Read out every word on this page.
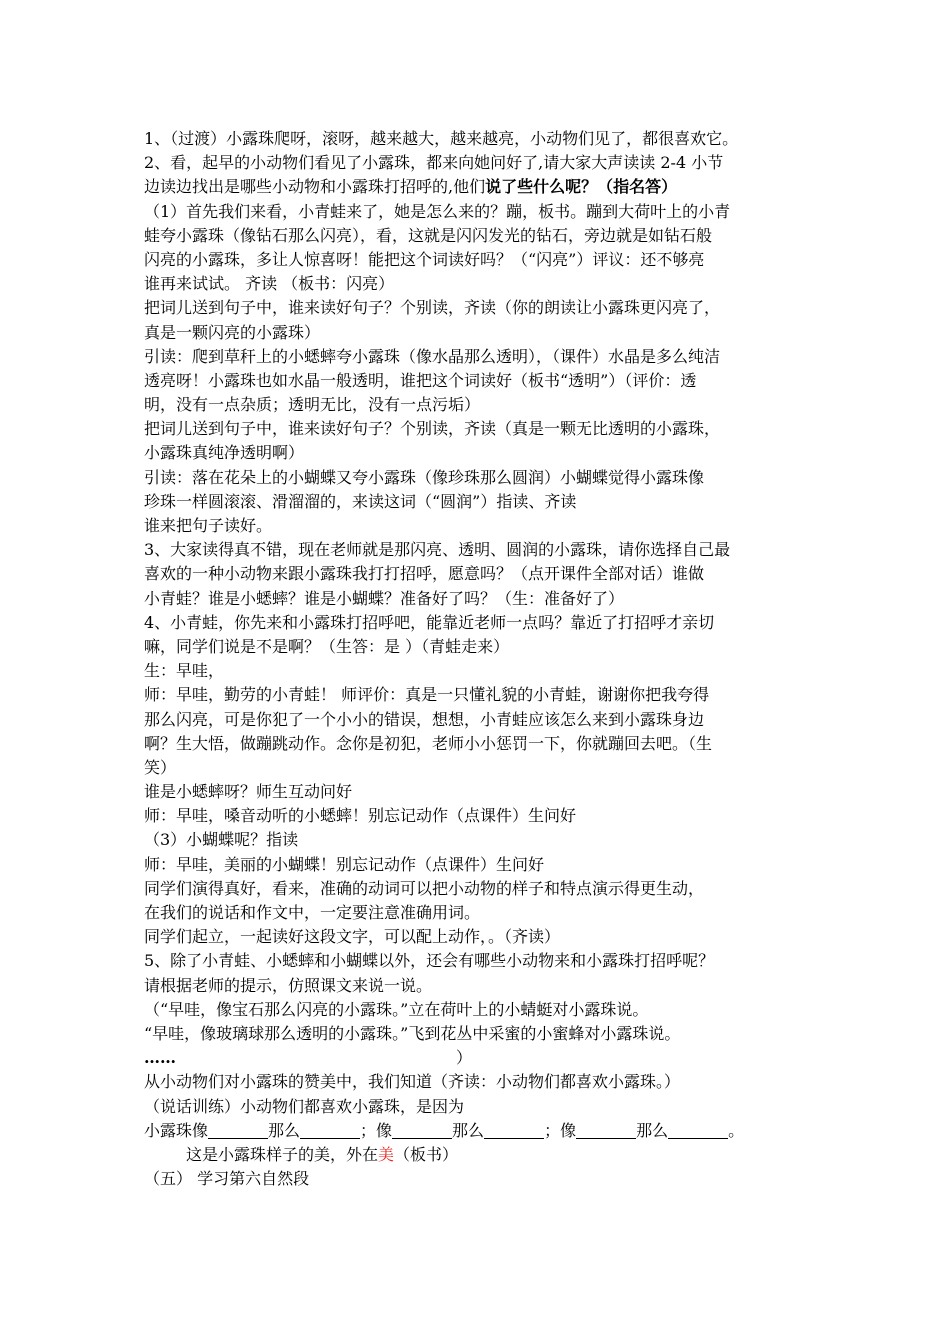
1、（过渡）小露珠爬呀，滚呀，越来越大，越来越亮，小动物们见了，都很喜欢它。
2、看，起早的小动物们看见了小露珠，都来向她问好了,请大家大声读读 2-4 小节
边读边找出是哪些小动物和小露珠打招呼的,他们说了些什么呢？（指名答）
（1）首先我们来看，小青蛙来了，她是怎么来的？蹦，板书。蹦到大荷叶上的小青
蛙夸小露珠（像钻石那么闪亮），看，这就是闪闪发光的钻石，旁边就是如钻石般
闪亮的小露珠，多让人惊喜呀！能把这个词读好吗？（“闪亮”）评议：还不够亮
谁再来试试。 齐读 （板书：闪亮）
把词儿送到句子中，谁来读好句子？个别读，齐读（你的朗读让小露珠更闪亮了，
真是一颗闪亮的小露珠）
引读：爬到草秆上的小蟋蟀夸小露珠（像水晶那么透明），（课件）水晶是多么纯洁
透亮呀！小露珠也如水晶一般透明，谁把这个词读好（板书“透明”）（评价：透
明，没有一点杂质；透明无比，没有一点污垢）
把词儿送到句子中，谁来读好句子？个别读，齐读（真是一颗无比透明的小露珠，
小露珠真纯净透明啊）
引读：落在花朵上的小蝴蝶又夸小露珠（像珍珠那么圆润）小蝴蝶觉得小露珠像
珍珠一样圆滚滚、滑溜溜的，来读这词（“圆润”）指读、齐读
谁来把句子读好。
3、大家读得真不错，现在老师就是那闪亮、透明、圆润的小露珠，请你选择自己最
喜欢的一种小动物来跟小露珠我打打招呼，愿意吗？（点开课件全部对话）谁做
小青蛙？谁是小蟋蟀？谁是小蝴蝶？准备好了吗？（生：准备好了）
4、小青蛙，你先来和小露珠打招呼吧，能靠近老师一点吗？靠近了打招呼才亲切
嘛，同学们说是不是啊？（生答：是 ）（青蛙走来）
生：早哇，
师：早哇，勤劳的小青蛙！ 师评价：真是一只懂礼貌的小青蛙，谢谢你把我夸得
那么闪亮，可是你犯了一个小小的错误，想想，小青蛙应该怎么来到小露珠身边
啊？生大悟，做蹦跳动作。念你是初犯，老师小小惩罚一下，你就蹦回去吧。（生
笑）
谁是小蟋蟀呀？师生互动问好
师：早哇，嗓音动听的小蟋蟀！别忘记动作（点课件）生问好
（3）小蝴蝶呢？指读
师：早哇，美丽的小蝴蝶！别忘记动作（点课件）生问好
同学们演得真好，看来，准确的动词可以把小动物的样子和特点演示得更生动，
在我们的说话和作文中，一定要注意准确用词。
同学们起立，一起读好这段文字，可以配上动作，。（齐读）
5、除了小青蛙、小蟋蟀和小蝴蝶以外，还会有哪些小动物来和小露珠打招呼呢？
请根据老师的提示，仿照课文来说一说。
（“早哇，像宝石那么闪亮的小露珠。”立在荷叶上的小蜻蜓对小露珠说。
“早哇，像玻璃球那么透明的小露珠。”飞到花丛中采蜜的小蜜蜂对小露珠说。
……	）
从小动物们对小露珠的赞美中，我们知道（齐读：小动物们都喜欢小露珠。）
（说话训练）小动物们都喜欢小露珠，是因为
小露珠像	那么	；像	那么	；像	那么	。
这是小露珠样子的美，外在美（板书）
（五） 学习第六自然段
